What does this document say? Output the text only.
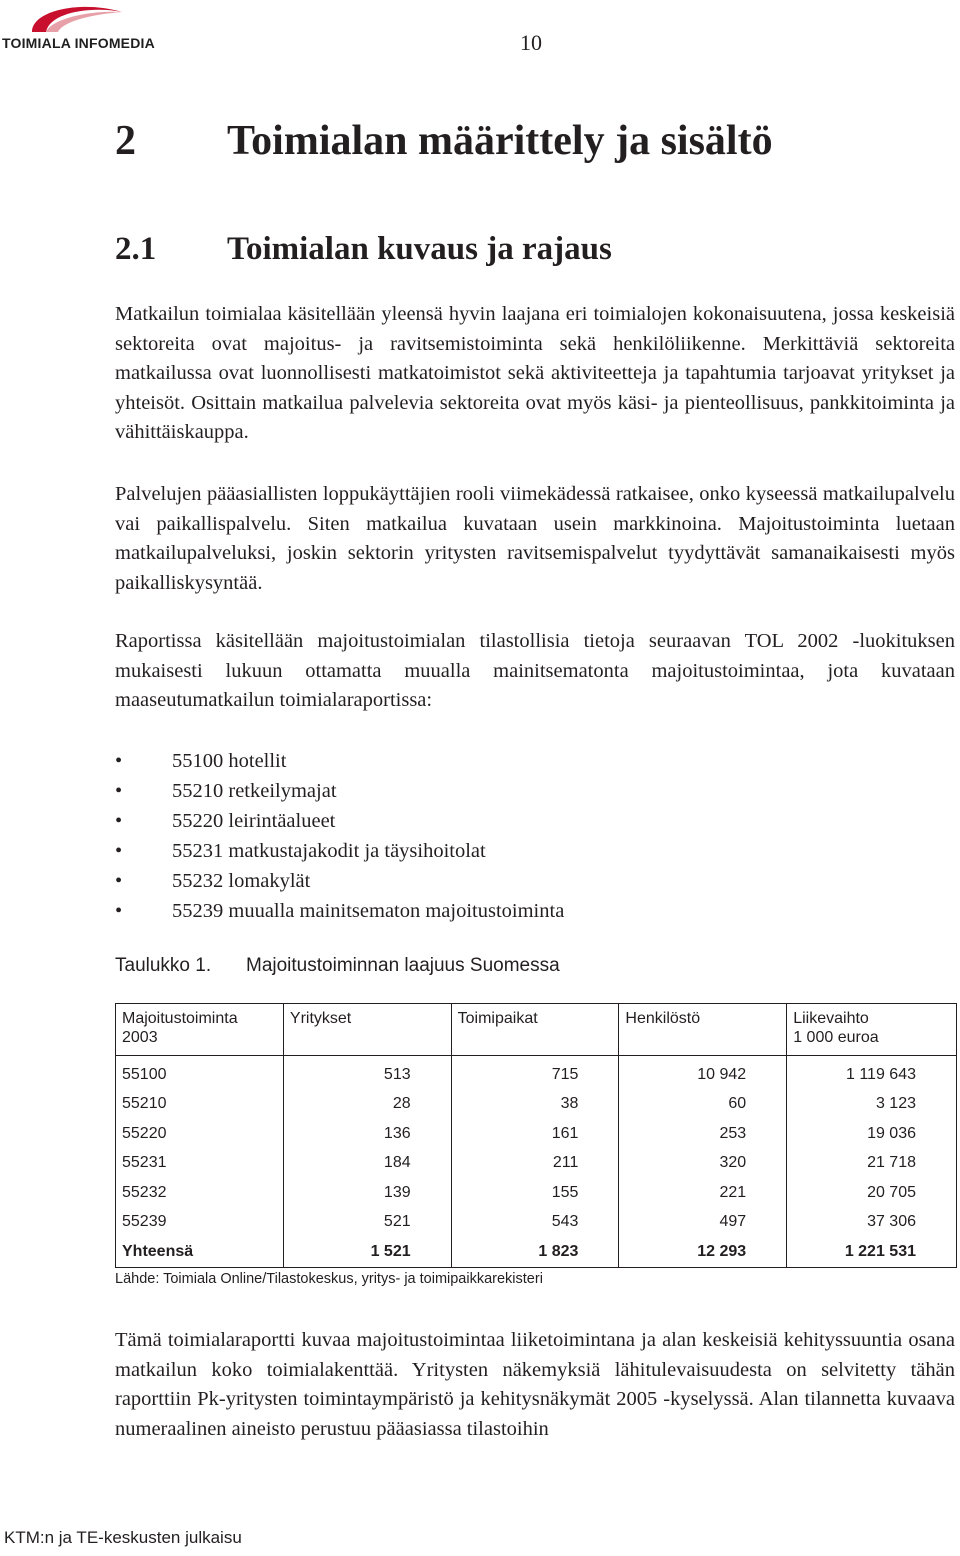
TOIMIALA INFOMEDIA	10
2 Toimialan määrittely ja sisältö
2.1 Toimialan kuvaus ja rajaus

Matkailun toimialaa käsitellään yleensä hyvin laajana eri toimialojen kokonaisuutena, jossa keskeisiä sektoreita ovat majoitus- ja ravitsemistoiminta sekä henkilöliikenne. Merkittäviä sektoreita matkailussa ovat luonnollisesti matkatoimistot sekä aktiviteetteja ja tapahtumia tarjoavat yritykset ja yhteisöt. Osittain matkailua palvelevia sektoreita ovat myös käsi- ja pienteollisuus, pankkitoiminta ja vähittäiskauppa.

Palvelujen pääasiallisten loppukäyttäjien rooli viimekädessä ratkaisee, onko kyseessä matkailupalvelu vai paikallispalvelu. Siten matkailua kuvataan usein markkinoina. Majoitustoiminta luetaan matkailupalveluksi, joskin sektorin yritysten ravitsemispalvelut tyydyttävät samanaikaisesti myös paikalliskysyntää.

Raportissa käsitellään majoitustoimialan tilastollisia tietoja seuraavan TOL 2002 -luokituksen mukaisesti lukuun ottamatta muualla mainitsematonta majoitustoimintaa, jota kuvataan maaseutumatkailun toimialaraportissa:

• 55100 hotellit
• 55210 retkeilymajat
• 55220 leirintäalueet
• 55231 matkustajakodit ja täysihoitolat
• 55232 lomakylät
• 55239 muualla mainitsematon majoitustoiminta
Taulukko 1. Majoitustoiminnan laajuus Suomessa
Majoitustoiminta
2003	Yritykset	Toimipaikat	Henkilöstö	Liikevaihto
1 000 euroa
55100	513	715	10 942	1 119 643
55210	28	38	60	3 123
55220	136	161	253	19 036
55231	184	211	320	21 718
55232	139	155	221	20 705
55239	521	543	497	37 306
Yhteensä	1 521	1 823	12 293	1 221 531
Lähde: Toimiala Online/Tilastokeskus, yritys- ja toimipaikkarekisteri

Tämä toimialaraportti kuvaa majoitustoimintaa liiketoimintana ja alan keskeisiä kehityssuuntia osana matkailun koko toimialakenttää. Yritysten näkemyksiä lähitulevaisuudesta on selvitetty tähän raporttiin Pk-yritysten toimintaympäristö ja kehitysnäkymät 2005 -kyselyssä. Alan tilannetta kuvaava numeraalinen aineisto perustuu pääasiassa tilastoihin

KTM:n ja TE-keskusten julkaisu
